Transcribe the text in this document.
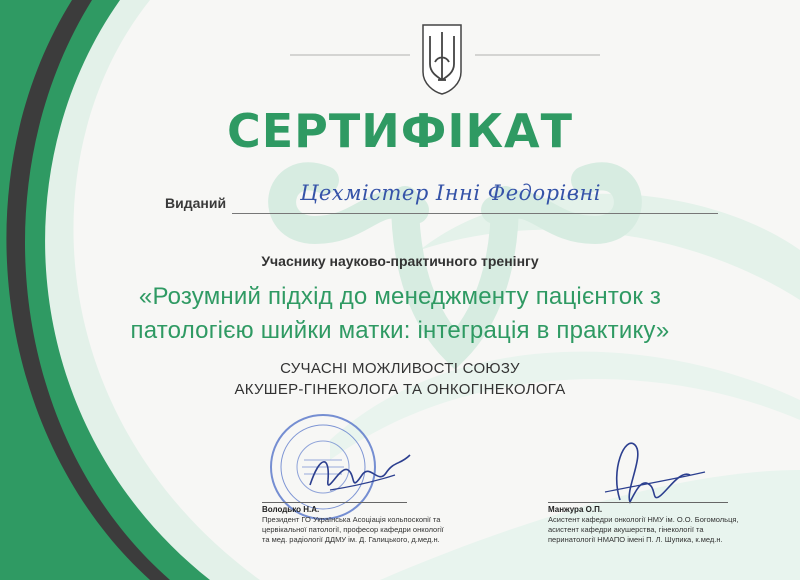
СЕРТИФІКАТ
Виданий	Цехмістер Інні Федорівні
Учаснику науково-практичного тренінгу
«Розумний підхід до менеджменту пацієнток з
патологією шийки матки: інтеграція в практику»
СУЧАСНІ МОЖЛИВОСТІ СОЮЗУ
АКУШЕР-ГІНЕКОЛОГА ТА ОНКОГІНЕКОЛОГА
Володько Н.А.
Президент ГО Українська Асоціація кольпоскопії та
цервікальної патології, професор кафедри онкології
та мед. радіології ДДМУ ім. Д. Галицького, д.мед.н.
Манжура О.П.
Асистент кафедри онкології НМУ ім. О.О. Богомольця,
асистент кафедри акушерства, гінекології та
перинатології НМАПО імені П. Л. Шупика, к.мед.н.
